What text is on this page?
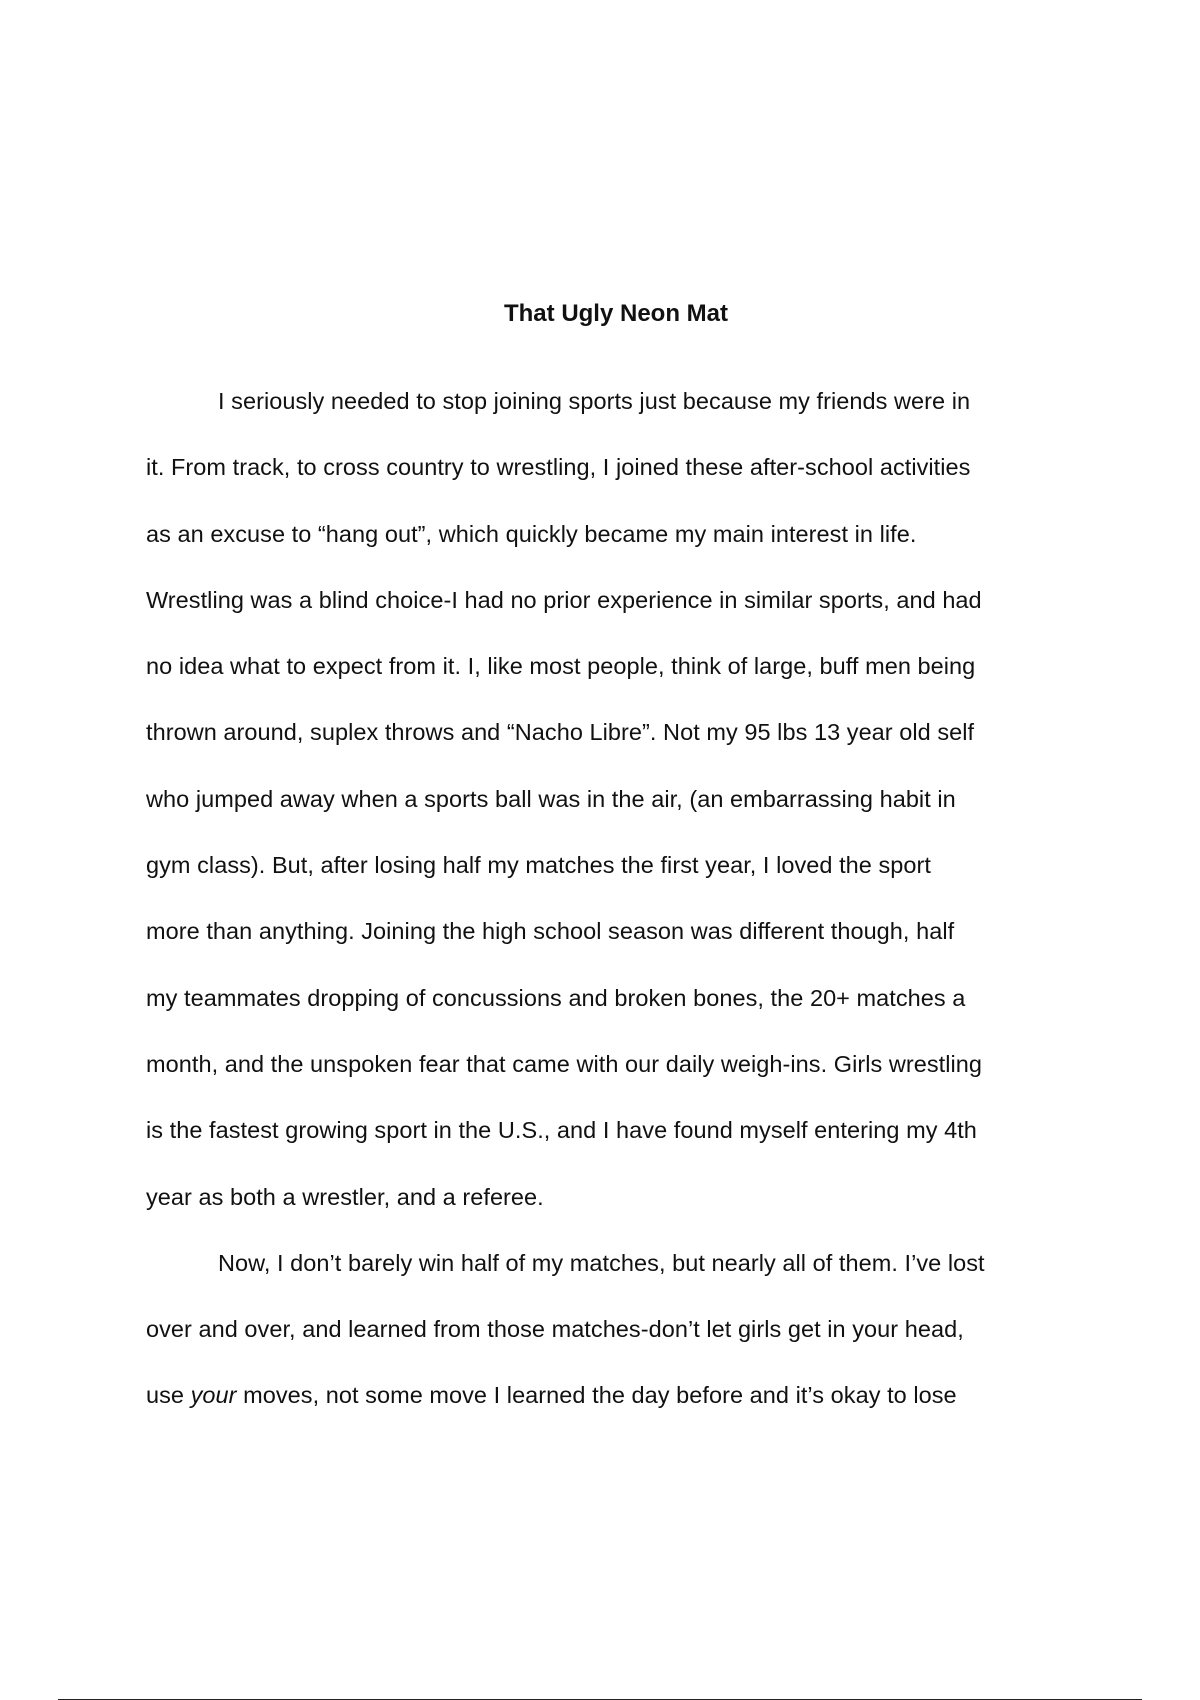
That Ugly Neon Mat

I seriously needed to stop joining sports just because my friends were in
it. From track, to cross country to wrestling, I joined these after-school activities
as an excuse to “hang out”, which quickly became my main interest in life.
Wrestling was a blind choice-I had no prior experience in similar sports, and had
no idea what to expect from it. I, like most people, think of large, buff men being
thrown around, suplex throws and “Nacho Libre”. Not my 95 lbs 13 year old self
who jumped away when a sports ball was in the air, (an embarrassing habit in
gym class). But, after losing half my matches the first year, I loved the sport
more than anything. Joining the high school season was different though, half
my teammates dropping of concussions and broken bones, the 20+ matches a
month, and the unspoken fear that came with our daily weigh-ins. Girls wrestling
is the fastest growing sport in the U.S., and I have found myself entering my 4th
year as both a wrestler, and a referee.

Now, I don’t barely win half of my matches, but nearly all of them. I’ve lost
over and over, and learned from those matches-don’t let girls get in your head,
use your moves, not some move I learned the day before and it’s okay to lose
